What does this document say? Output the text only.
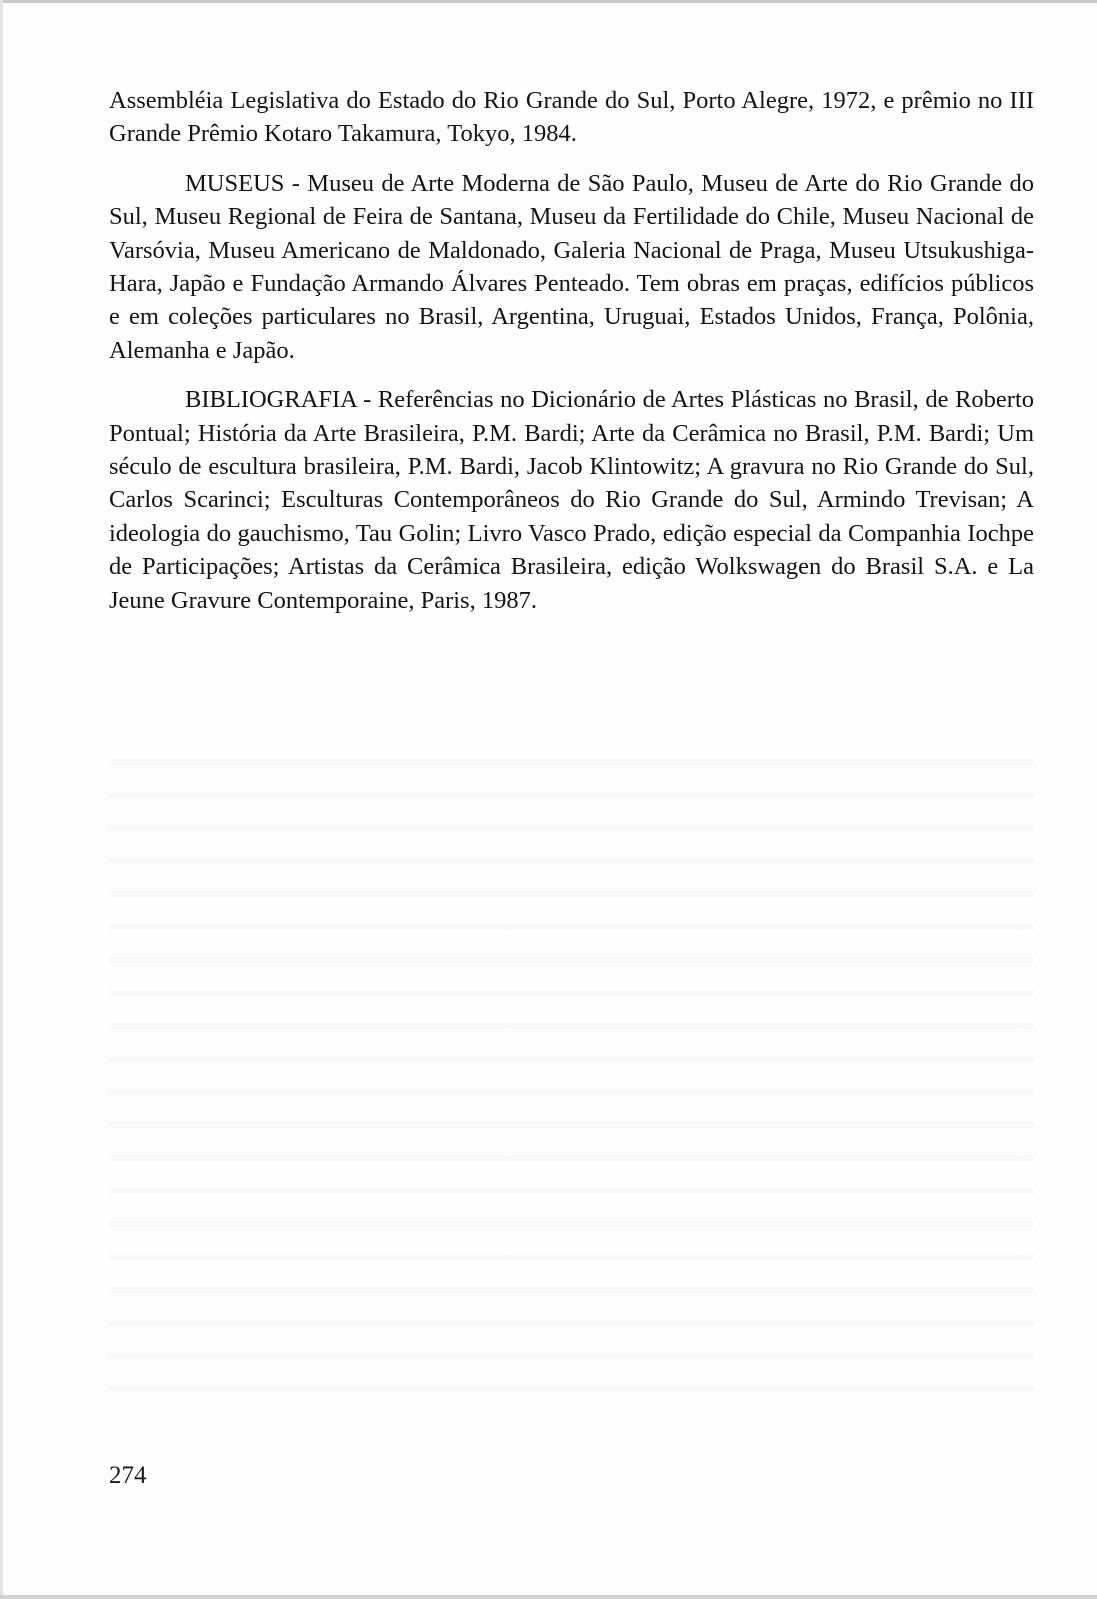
Assembléia Legislativa do Estado do Rio Grande do Sul, Porto Alegre, 1972, e prêmio no III Grande Prêmio Kotaro Takamura, Tokyo, 1984.

MUSEUS - Museu de Arte Moderna de São Paulo, Museu de Arte do Rio Grande do Sul, Museu Regional de Feira de Santana, Museu da Fertilidade do Chile, Museu Nacional de Varsóvia, Museu Americano de Maldonado, Galeria Nacional de Praga, Museu Utsukushiga-Hara, Japão e Fundação Armando Álvares Penteado. Tem obras em praças, edifícios públicos e em coleções particulares no Brasil, Argentina, Uruguai, Estados Unidos, França, Polônia, Alemanha e Japão.

BIBLIOGRAFIA - Referências no Dicionário de Artes Plásticas no Brasil, de Roberto Pontual; História da Arte Brasileira, P.M. Bardi; Arte da Cerâmica no Brasil, P.M. Bardi; Um século de escultura brasileira, P.M. Bardi, Jacob Klintowitz; A gravura no Rio Grande do Sul, Carlos Scarinci; Esculturas Contemporâneos do Rio Grande do Sul, Armindo Trevisan; A ideologia do gauchismo, Tau Golin; Livro Vasco Prado, edição especial da Companhia Iochpe de Participações; Artistas da Cerâmica Brasileira, edição Wolkswagen do Brasil S.A. e La Jeune Gravure Contemporaine, Paris, 1987.

274
